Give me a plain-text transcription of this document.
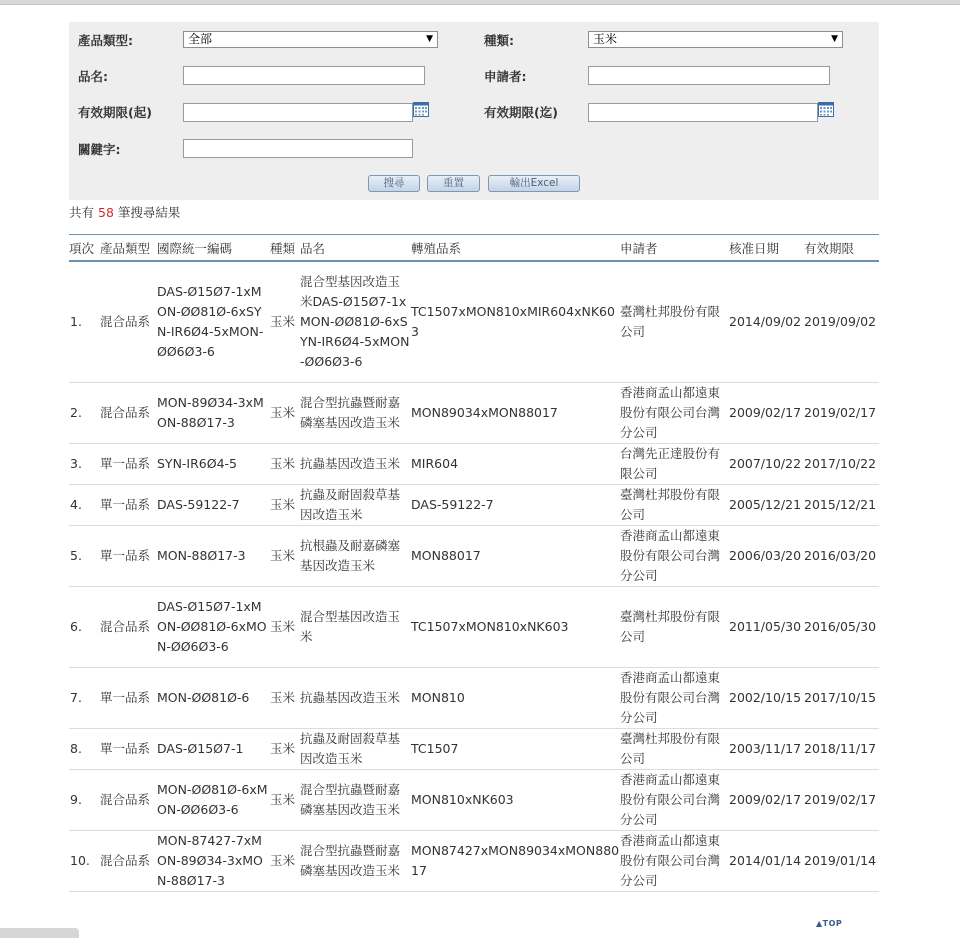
產品類型:	全部	▼	種類:	玉米	▼
品名:	申請者:
有效期限(起)	有效期限(迄)
關鍵字:
搜尋	重置	輸出Excel
共有 58 筆搜尋結果
項次	產品類型	國際統一編碼	種類	品名	轉殖品系	申請者	核准日期	有效期限
1.	混合品系	DAS-Ø15Ø7-1xMON-ØØ81Ø-6xSYN-IR6Ø4-5xMON-ØØ6Ø3-6	玉米	混合型基因改造玉米DAS-Ø15Ø7-1xMON-ØØ81Ø-6xSYN-IR6Ø4-5xMON-ØØ6Ø3-6	TC1507xMON810xMIR604xNK603	臺灣杜邦股份有限公司	2014/09/02	2019/09/02
2.	混合品系	MON-89Ø34-3xMON-88Ø17-3	玉米	混合型抗蟲暨耐嘉磷塞基因改造玉米	MON89034xMON88017	香港商孟山都遠東股份有限公司台灣分公司	2009/02/17	2019/02/17
3.	單一品系	SYN-IR6Ø4-5	玉米	抗蟲基因改造玉米	MIR604	台灣先正達股份有限公司	2007/10/22	2017/10/22
4.	單一品系	DAS-59122-7	玉米	抗蟲及耐固殺草基因改造玉米	DAS-59122-7	臺灣杜邦股份有限公司	2005/12/21	2015/12/21
5.	單一品系	MON-88Ø17-3	玉米	抗根蟲及耐嘉磷塞基因改造玉米	MON88017	香港商孟山都遠東股份有限公司台灣分公司	2006/03/20	2016/03/20
6.	混合品系	DAS-Ø15Ø7-1xMON-ØØ81Ø-6xMON-ØØ6Ø3-6	玉米	混合型基因改造玉米	TC1507xMON810xNK603	臺灣杜邦股份有限公司	2011/05/30	2016/05/30
7.	單一品系	MON-ØØ81Ø-6	玉米	抗蟲基因改造玉米	MON810	香港商孟山都遠東股份有限公司台灣分公司	2002/10/15	2017/10/15
8.	單一品系	DAS-Ø15Ø7-1	玉米	抗蟲及耐固殺草基因改造玉米	TC1507	臺灣杜邦股份有限公司	2003/11/17	2018/11/17
9.	混合品系	MON-ØØ81Ø-6xMON-ØØ6Ø3-6	玉米	混合型抗蟲暨耐嘉磷塞基因改造玉米	MON810xNK603	香港商孟山都遠東股份有限公司台灣分公司	2009/02/17	2019/02/17
10.	混合品系	MON-87427-7xMON-89Ø34-3xMON-88Ø17-3	玉米	混合型抗蟲暨耐嘉磷塞基因改造玉米	MON87427xMON89034xMON88017	香港商孟山都遠東股份有限公司台灣分公司	2014/01/14	2019/01/14
▲TOP
